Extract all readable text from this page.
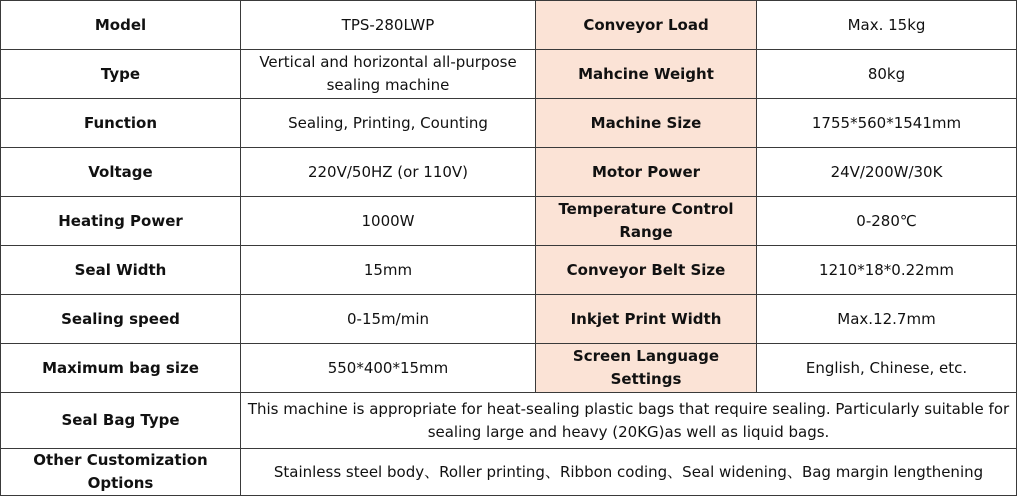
Model	TPS-280LWP	Conveyor Load	Max. 15kg
Type	Vertical and horizontal all-purpose sealing machine	Mahcine Weight	80kg
Function	Sealing, Printing, Counting	Machine Size	1755*560*1541mm
Voltage	220V/50HZ (or 110V)	Motor Power	24V/200W/30K
Heating Power	1000W	Temperature Control Range	0-280℃
Seal Width	15mm	Conveyor Belt Size	1210*18*0.22mm
Sealing speed	0-15m/min	Inkjet Print Width	Max.12.7mm
Maximum bag size	550*400*15mm	Screen Language Settings	English, Chinese, etc.
Seal Bag Type	This machine is appropriate for heat-sealing plastic bags that require sealing. Particularly suitable for sealing large and heavy (20KG)as well as liquid bags.		
Other Customization Options	Stainless steel body、Roller printing、Ribbon coding、Seal widening、Bag margin lengthening		
